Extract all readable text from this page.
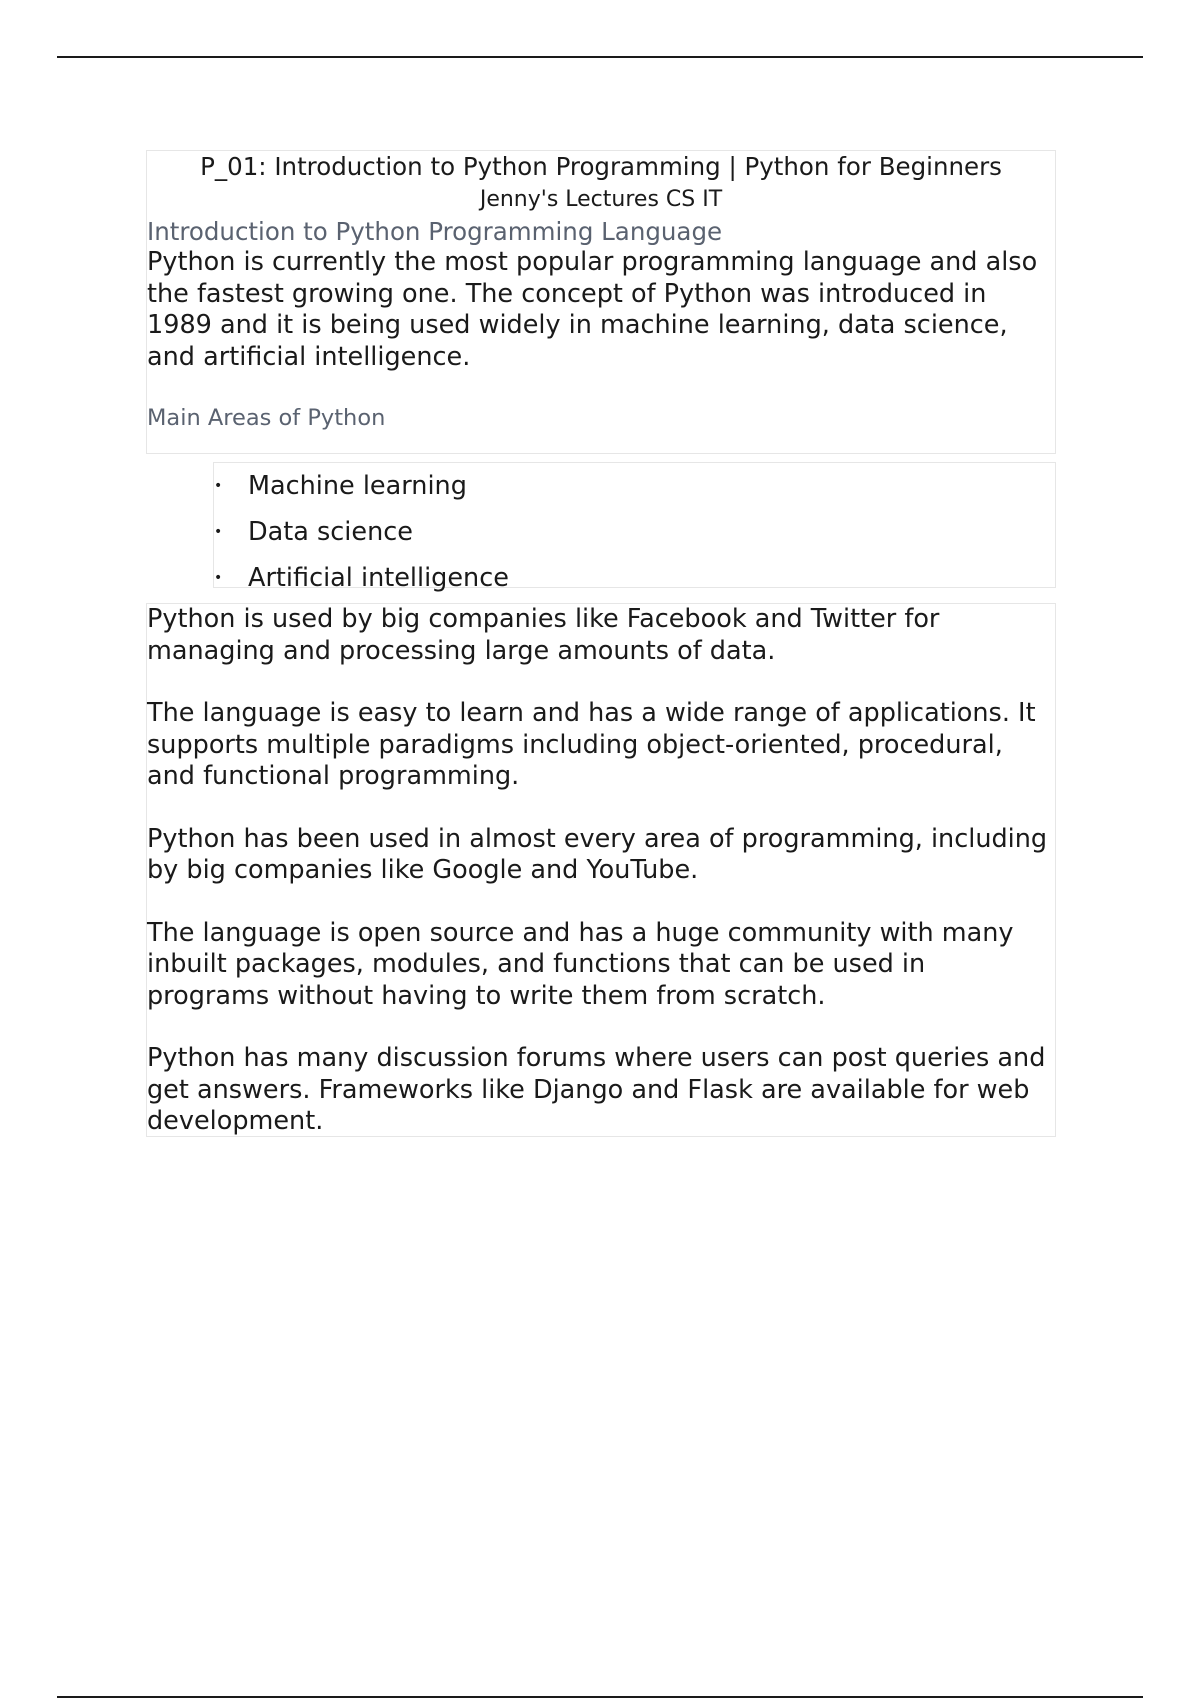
P_01: Introduction to Python Programming | Python for Beginners

Jenny's Lectures CS IT

Introduction to Python Programming Language

Python is currently the most popular programming language and also the fastest growing one. The concept of Python was introduced in 1989 and it is being used widely in machine learning, data science, and artificial intelligence.

Main Areas of Python
• Machine learning
• Data science
• Artificial intelligence

Python is used by big companies like Facebook and Twitter for managing and processing large amounts of data.

The language is easy to learn and has a wide range of applications. It supports multiple paradigms including object-oriented, procedural, and functional programming.

Python has been used in almost every area of programming, including by big companies like Google and YouTube.

The language is open source and has a huge community with many inbuilt packages, modules, and functions that can be used in programs without having to write them from scratch.

Python has many discussion forums where users can post queries and get answers. Frameworks like Django and Flask are available for web development.
